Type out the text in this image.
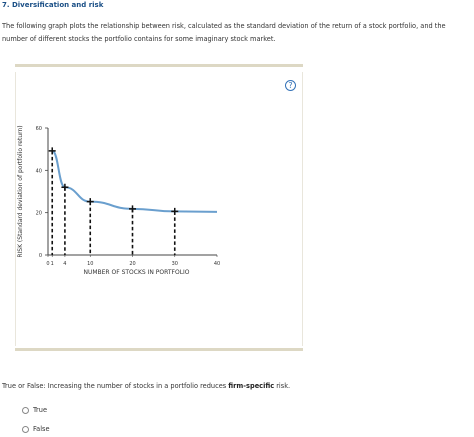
7. Diversification and risk
The following graph plots the relationship between risk, calculated as the standard deviation of the return of a stock portfolio, and the number of different stocks the portfolio contains for some imaginary stock market.
?
0
20
40
60
0 1 4	10	20	30	40
NUMBER OF STOCKS IN PORTFOLIO
RISK (Standard deviation of portfolio return)
True or False: Increasing the number of stocks in a portfolio reduces firm-specific risk.
True
False
